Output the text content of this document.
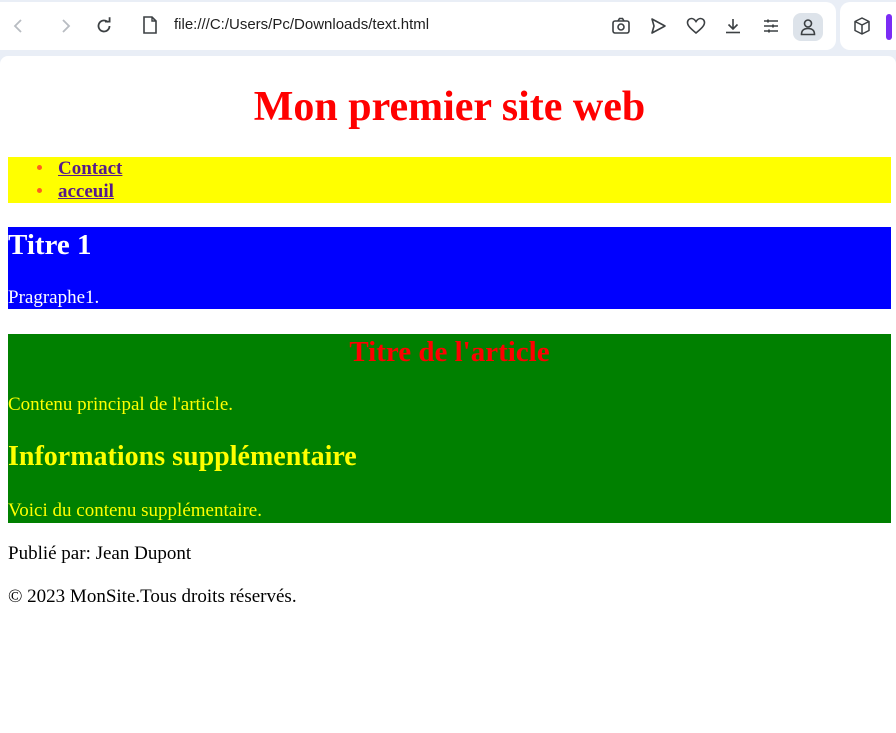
file:///C:/Users/Pc/Downloads/text.html
Mon premier site web
Contact
acceuil
Titre 1

Pragraphe1.

Titre de l'article

Contenu principal de l'article.

Informations supplémentaire

Voici du contenu supplémentaire.

Publié par: Jean Dupont

© 2023 MonSite.Tous droits réservés.
